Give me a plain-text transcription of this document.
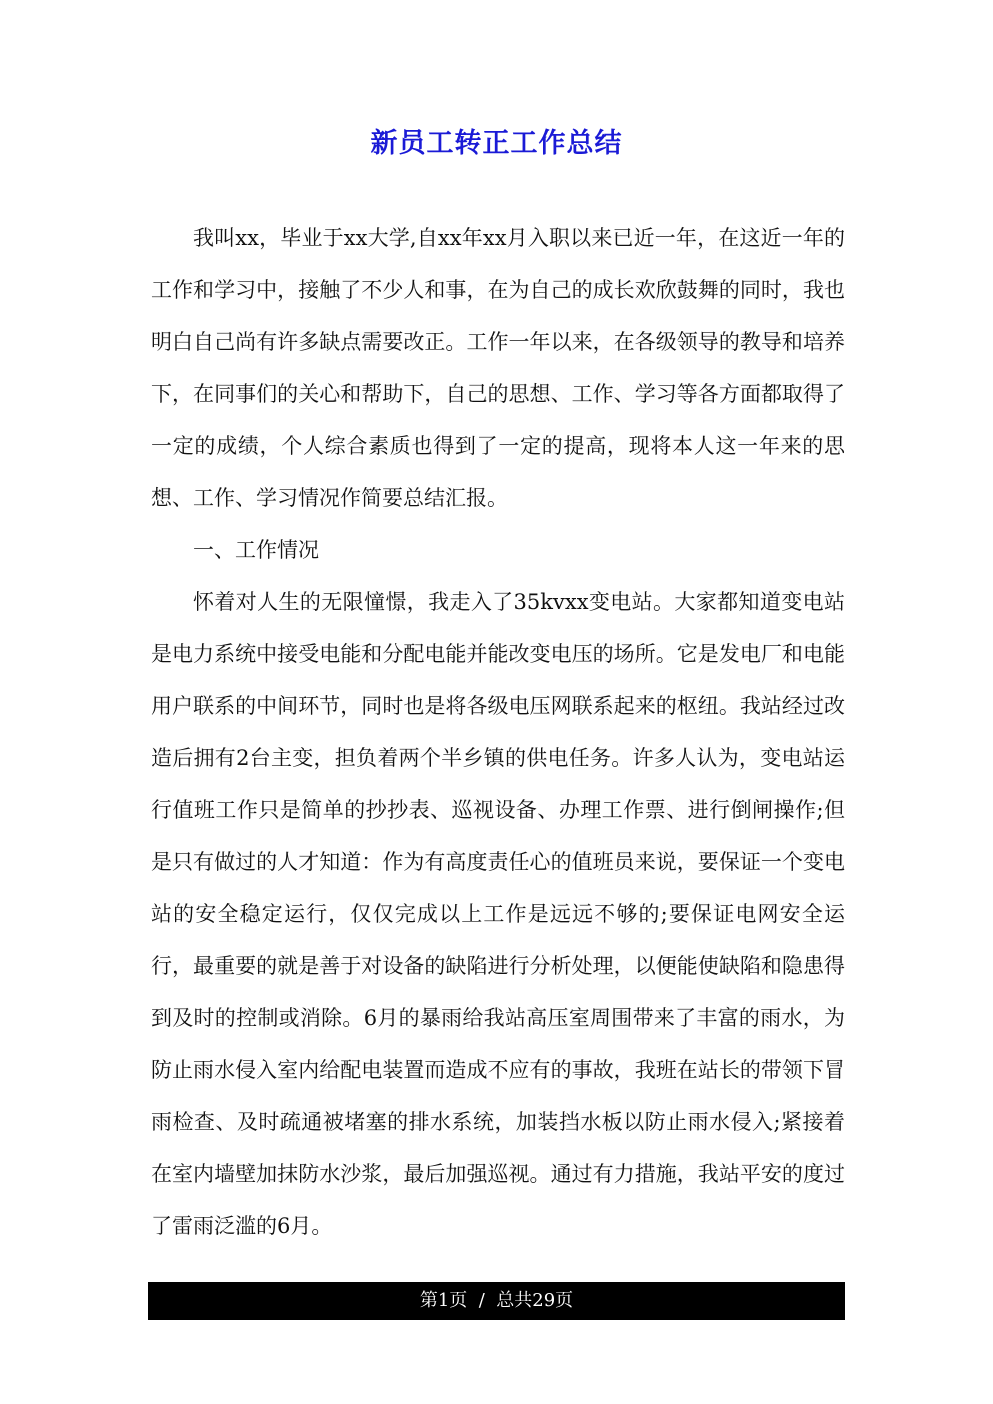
新员工转正工作总结

我叫xx，毕业于xx大学,自xx年xx月入职以来已近一年，在这近一年的工作和学习中，接触了不少人和事，在为自己的成长欢欣鼓舞的同时，我也明白自己尚有许多缺点需要改正。工作一年以来，在各级领导的教导和培养下，在同事们的关心和帮助下，自己的思想、工作、学习等各方面都取得了一定的成绩，个人综合素质也得到了一定的提高，现将本人这一年来的思想、工作、学习情况作简要总结汇报。

一、工作情况

怀着对人生的无限憧憬，我走入了35kvxx变电站。大家都知道变电站是电力系统中接受电能和分配电能并能改变电压的场所。它是发电厂和电能用户联系的中间环节，同时也是将各级电压网联系起来的枢纽。我站经过改造后拥有2台主变，担负着两个半乡镇的供电任务。许多人认为，变电站运行值班工作只是简单的抄抄表、巡视设备、办理工作票、进行倒闸操作;但是只有做过的人才知道：作为有高度责任心的值班员来说，要保证一个变电站的安全稳定运行，仅仅完成以上工作是远远不够的;要保证电网安全运行，最重要的就是善于对设备的缺陷进行分析处理，以便能使缺陷和隐患得到及时的控制或消除。6月的暴雨给我站高压室周围带来了丰富的雨水，为防止雨水侵入室内给配电装置而造成不应有的事故，我班在站长的带领下冒雨检查、及时疏通被堵塞的排水系统，加装挡水板以防止雨水侵入;紧接着在室内墙壁加抹防水沙浆，最后加强巡视。通过有力措施，我站平安的度过了雷雨泛滥的6月。

第 1 页  /  总共 29 页
